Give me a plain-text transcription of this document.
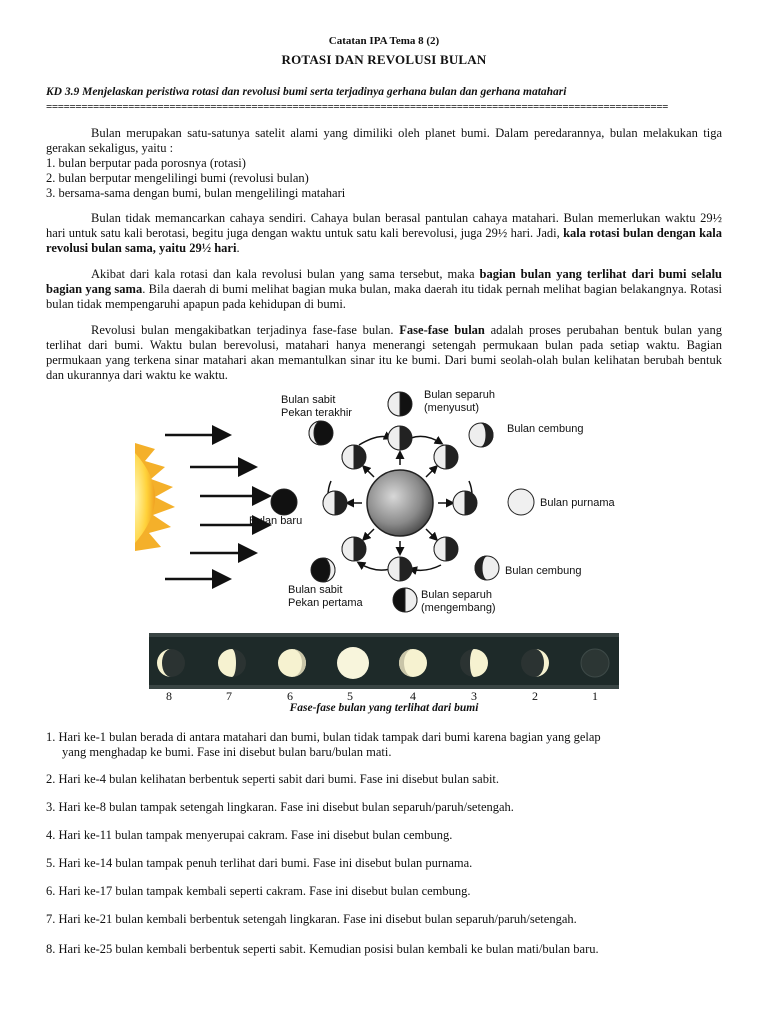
Catatan IPA Tema 8 (2)
ROTASI DAN REVOLUSI BULAN
KD 3.9 Menjelaskan peristiwa rotasi dan revolusi bumi serta terjadinya gerhana bulan dan gerhana matahari
==========================================================================================================

Bulan merupakan satu-satunya satelit alami yang dimiliki oleh planet bumi. Dalam peredarannya, bulan melakukan tiga gerakan sekaligus, yaitu :

1. bulan berputar pada porosnya (rotasi)

2. bulan berputar mengelilingi bumi (revolusi bulan)

3. bersama-sama dengan bumi, bulan mengelilingi matahari

Bulan tidak memancarkan cahaya sendiri. Cahaya bulan berasal pantulan cahaya matahari. Bulan memerlukan waktu 29½ hari untuk satu kali berotasi, begitu juga dengan waktu untuk satu kali berevolusi, juga 29½ hari. Jadi, kala rotasi bulan dengan kala revolusi bulan sama, yaitu 29½ hari.

Akibat dari kala rotasi dan kala revolusi bulan yang sama tersebut, maka bagian bulan yang terlihat dari bumi selalu bagian yang sama. Bila daerah di bumi melihat bagian muka bulan, maka daerah itu tidak pernah melihat bagian belakangnya. Rotasi bulan tidak mempengaruhi apapun pada kehidupan di bumi.

Revolusi bulan mengakibatkan terjadinya fase-fase bulan. Fase-fase bulan adalah proses perubahan bentuk bulan yang terlihat dari bumi. Waktu bulan berevolusi, matahari hanya menerangi setengah permukaan bulan pada setiap waktu. Bagian permukaan yang terkena sinar matahari akan memantulkan sinar itu ke bumi. Dari bumi seolah-olah bulan kelihatan berubah bentuk dan ukurannya dari waktu ke waktu.

Bulan sabit
Pekan terakhir
Bulan separuh
(menyusut)
Bulan cembung
Bulan purnama
Bulan baru
Bulan cembung
Bulan sabit
Pekan pertama
Bulan separuh
(mengembang)
8	7	6	5	4	3	2	1
Fase-fase bulan yang terlihat dari bumi
1. Hari ke-1 bulan berada di antara matahari dan bumi, bulan tidak tampak dari bumi karena bagian yang gelap
yang menghadap ke bumi. Fase ini disebut bulan baru/bulan mati.
2. Hari ke-4 bulan kelihatan berbentuk seperti sabit dari bumi. Fase ini disebut bulan sabit.
3. Hari ke-8 bulan tampak setengah lingkaran. Fase ini disebut bulan separuh/paruh/setengah.
4. Hari ke-11 bulan tampak menyerupai cakram. Fase ini disebut bulan cembung.
5. Hari ke-14 bulan tampak penuh terlihat dari bumi. Fase ini disebut bulan purnama.
6. Hari ke-17 bulan tampak kembali seperti cakram. Fase ini disebut bulan cembung.
7. Hari ke-21 bulan kembali berbentuk setengah lingkaran. Fase ini disebut bulan separuh/paruh/setengah.
8. Hari ke-25 bulan kembali berbentuk seperti sabit. Kemudian posisi bulan kembali ke bulan mati/bulan baru.
